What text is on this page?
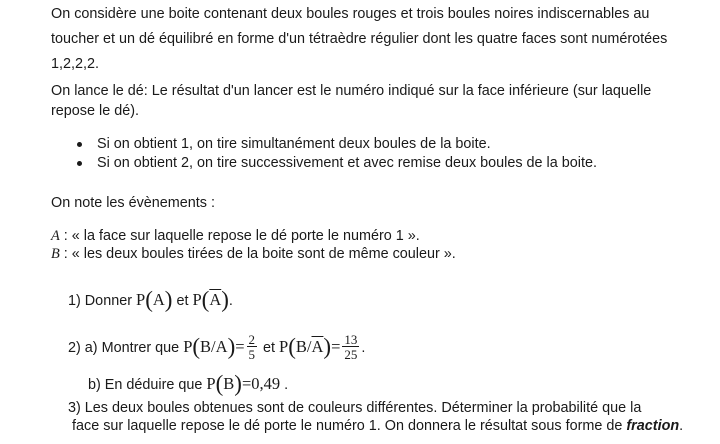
On considère une boite contenant deux boules rouges et trois boules noires indiscernables au
toucher et un dé équilibré en forme d'un tétraèdre régulier dont les quatre faces sont numérotées
1,2,2,2.
On lance le dé: Le résultat d'un lancer est le numéro indiqué sur la face inférieure (sur laquelle
repose le dé).
Si on obtient 1, on tire simultanément deux boules de la boite.
Si on obtient 2, on tire successivement et avec remise deux boules de la boite.
On note les évènements :
A : « la face sur laquelle repose le dé porte le numéro 1 ».
B : « les deux boules tirées de la boite sont de même couleur ».
1) Donner P(A) et $P(\overline{A})$.
2) a) Montrer que $P(B/A)= \frac{2}{5}$ et $P(B/\overline{A})= \frac{13}{25}$ .
b) En déduire que P(B)=0,49 .
3) Les deux boules obtenues sont de couleurs différentes. Déterminer la probabilité que la
face sur laquelle repose le dé porte le numéro 1. On donnera le résultat sous forme de fraction.
